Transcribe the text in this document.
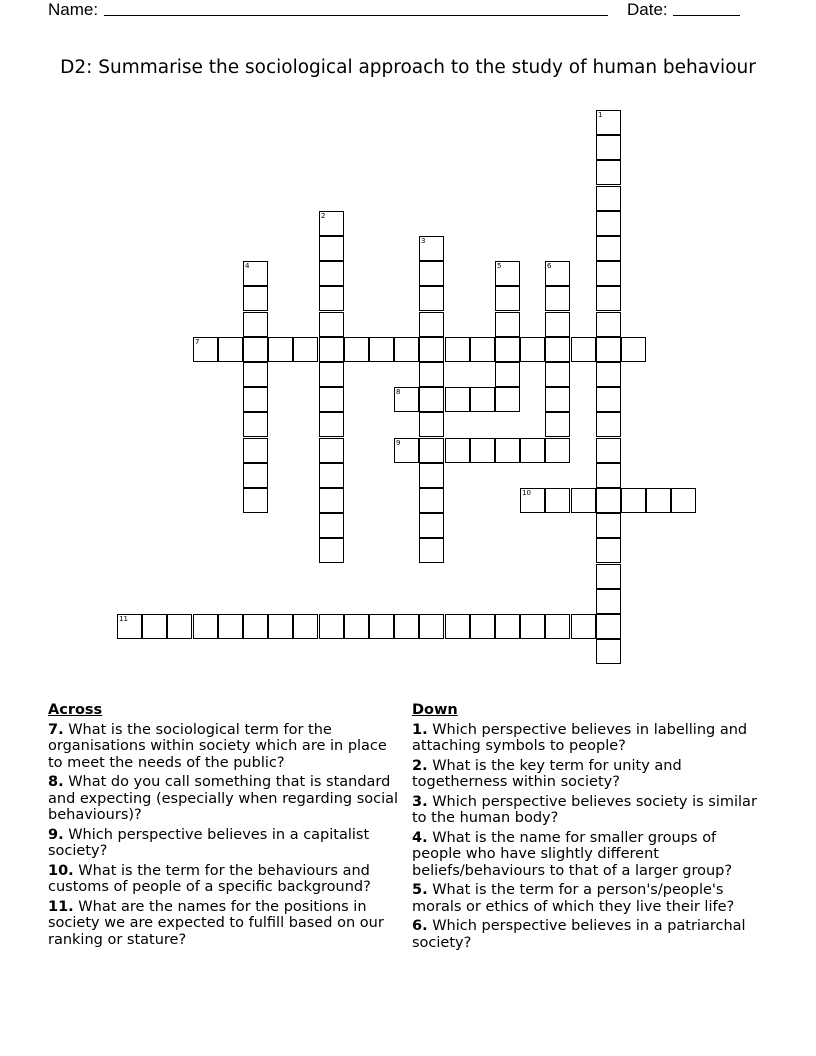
Name:	Date:
D2: Summarise the sociological approach to the study of human behaviour
1
2
3
4	5	6
7
8
9
10
11
Across
7. What is the sociological term for the organisations within society which are in place to meet the needs of the public?
8. What do you call something that is standard and expecting (especially when regarding social behaviours)?
9. Which perspective believes in a capitalist society?
10. What is the term for the behaviours and customs of people of a specific background?
11. What are the names for the positions in society we are expected to fulfill based on our ranking or stature?
Down
1. Which perspective believes in labelling and attaching symbols to people?
2. What is the key term for unity and togetherness within society?
3. Which perspective believes society is similar to the human body?
4. What is the name for smaller groups of people who have slightly different beliefs/behaviours to that of a larger group?
5. What is the term for a person's/people's morals or ethics of which they live their life?
6. Which perspective believes in a patriarchal society?
